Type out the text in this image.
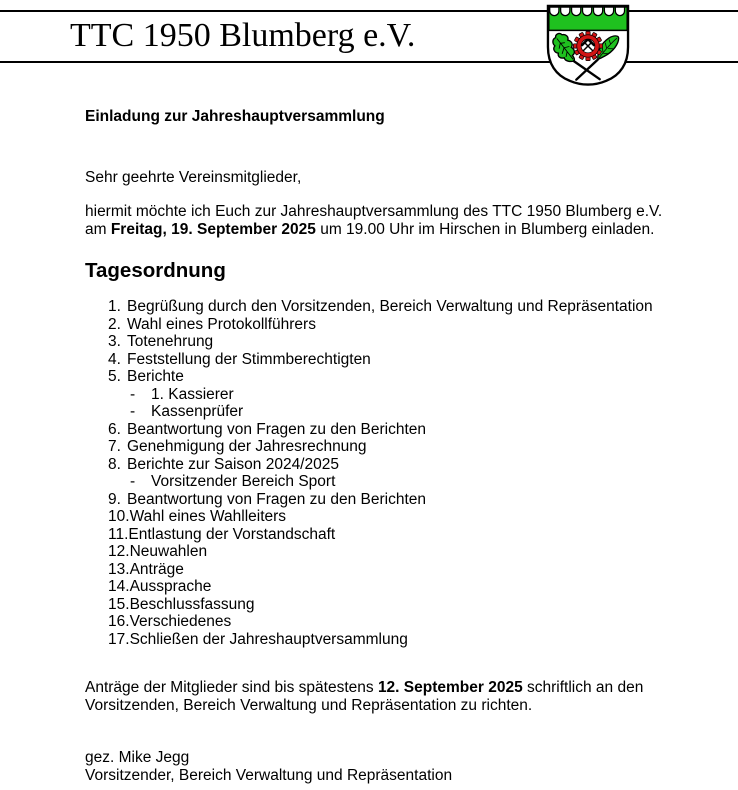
TTC 1950 Blumberg e.V.
Einladung zur Jahreshauptversammlung

Sehr geehrte Vereinsmitglieder,

hiermit möchte ich Euch zur Jahreshauptversammlung des TTC 1950 Blumberg e.V.
am Freitag, 19. September 2025 um 19.00 Uhr im Hirschen in Blumberg einladen.
Tagesordnung
1. Begrüßung durch den Vorsitzenden, Bereich Verwaltung und Repräsentation
2. Wahl eines Protokollführers
3. Totenehrung
4. Feststellung der Stimmberechtigten
5. Berichte
-	1. Kassierer
-	Kassenprüfer
6. Beantwortung von Fragen zu den Berichten
7. Genehmigung der Jahresrechnung
8. Berichte zur Saison 2024/2025
-	Vorsitzender Bereich Sport
9. Beantwortung von Fragen zu den Berichten
10. Wahl eines Wahlleiters
11. Entlastung der Vorstandschaft
12. Neuwahlen
13. Anträge
14. Aussprache
15. Beschlussfassung
16. Verschiedenes
17. Schließen der Jahreshauptversammlung
Anträge der Mitglieder sind bis spätestens 12. September 2025 schriftlich an den
Vorsitzenden, Bereich Verwaltung und Repräsentation zu richten.
gez. Mike Jegg
Vorsitzender, Bereich Verwaltung und Repräsentation
